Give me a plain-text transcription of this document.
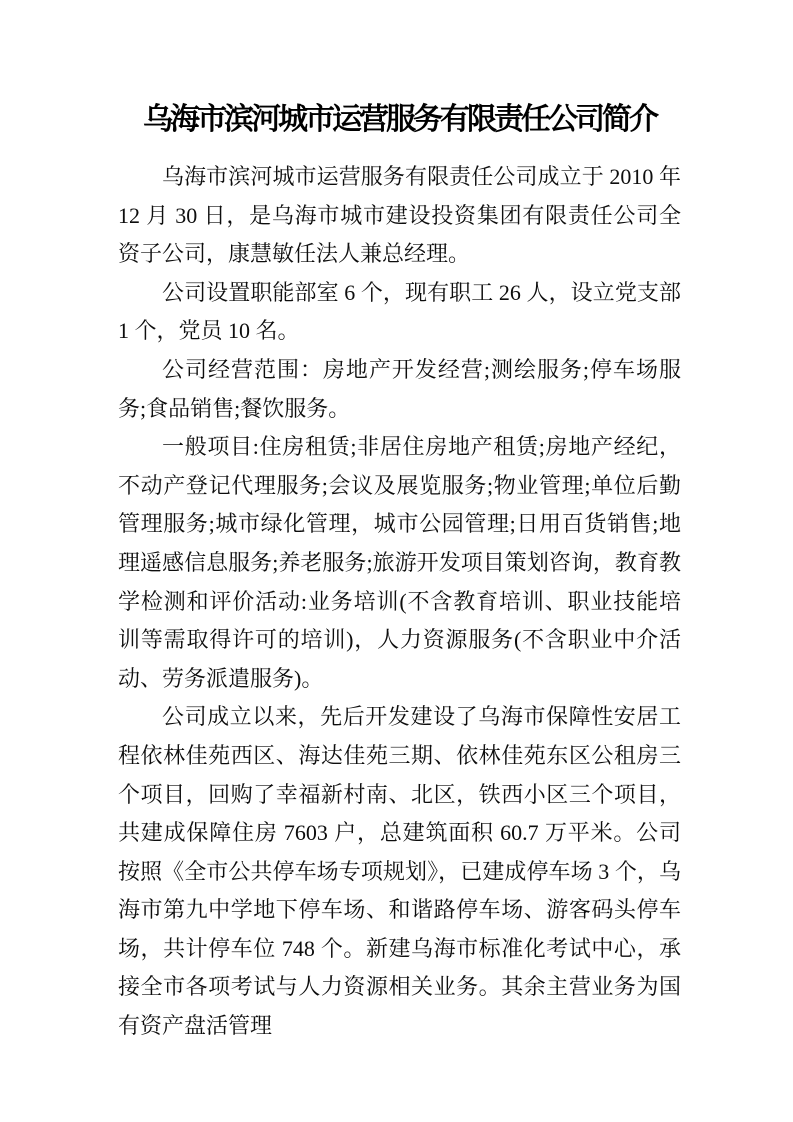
乌海市滨河城市运营服务有限责任公司简介

乌海市滨河城市运营服务有限责任公司成立于 2010 年 12 月 30 日，是乌海市城市建设投资集团有限责任公司全资子公司，康慧敏任法人兼总经理。

公司设置职能部室 6 个，现有职工 26 人，设立党支部 1 个，党员 10 名。

公司经营范围：房地产开发经营;测绘服务;停车场服务;食品销售;餐饮服务。

一般项目:住房租赁;非居住房地产租赁;房地产经纪，不动产登记代理服务;会议及展览服务;物业管理;单位后勤管理服务;城市绿化管理，城市公园管理;日用百货销售;地理遥感信息服务;养老服务;旅游开发项目策划咨询，教育教学检测和评价活动:业务培训(不含教育培训、职业技能培训等需取得许可的培训)，人力资源服务(不含职业中介活动、劳务派遣服务)。

公司成立以来，先后开发建设了乌海市保障性安居工程依林佳苑西区、海达佳苑三期、依林佳苑东区公租房三个项目，回购了幸福新村南、北区，铁西小区三个项目，共建成保障住房 7603 户，总建筑面积 60.7 万平米。公司按照《全市公共停车场专项规划》，已建成停车场 3 个，乌海市第九中学地下停车场、和谐路停车场、游客码头停车场，共计停车位 748 个。新建乌海市标准化考试中心，承接全市各项考试与人力资源相关业务。其余主营业务为国有资产盘活管理
